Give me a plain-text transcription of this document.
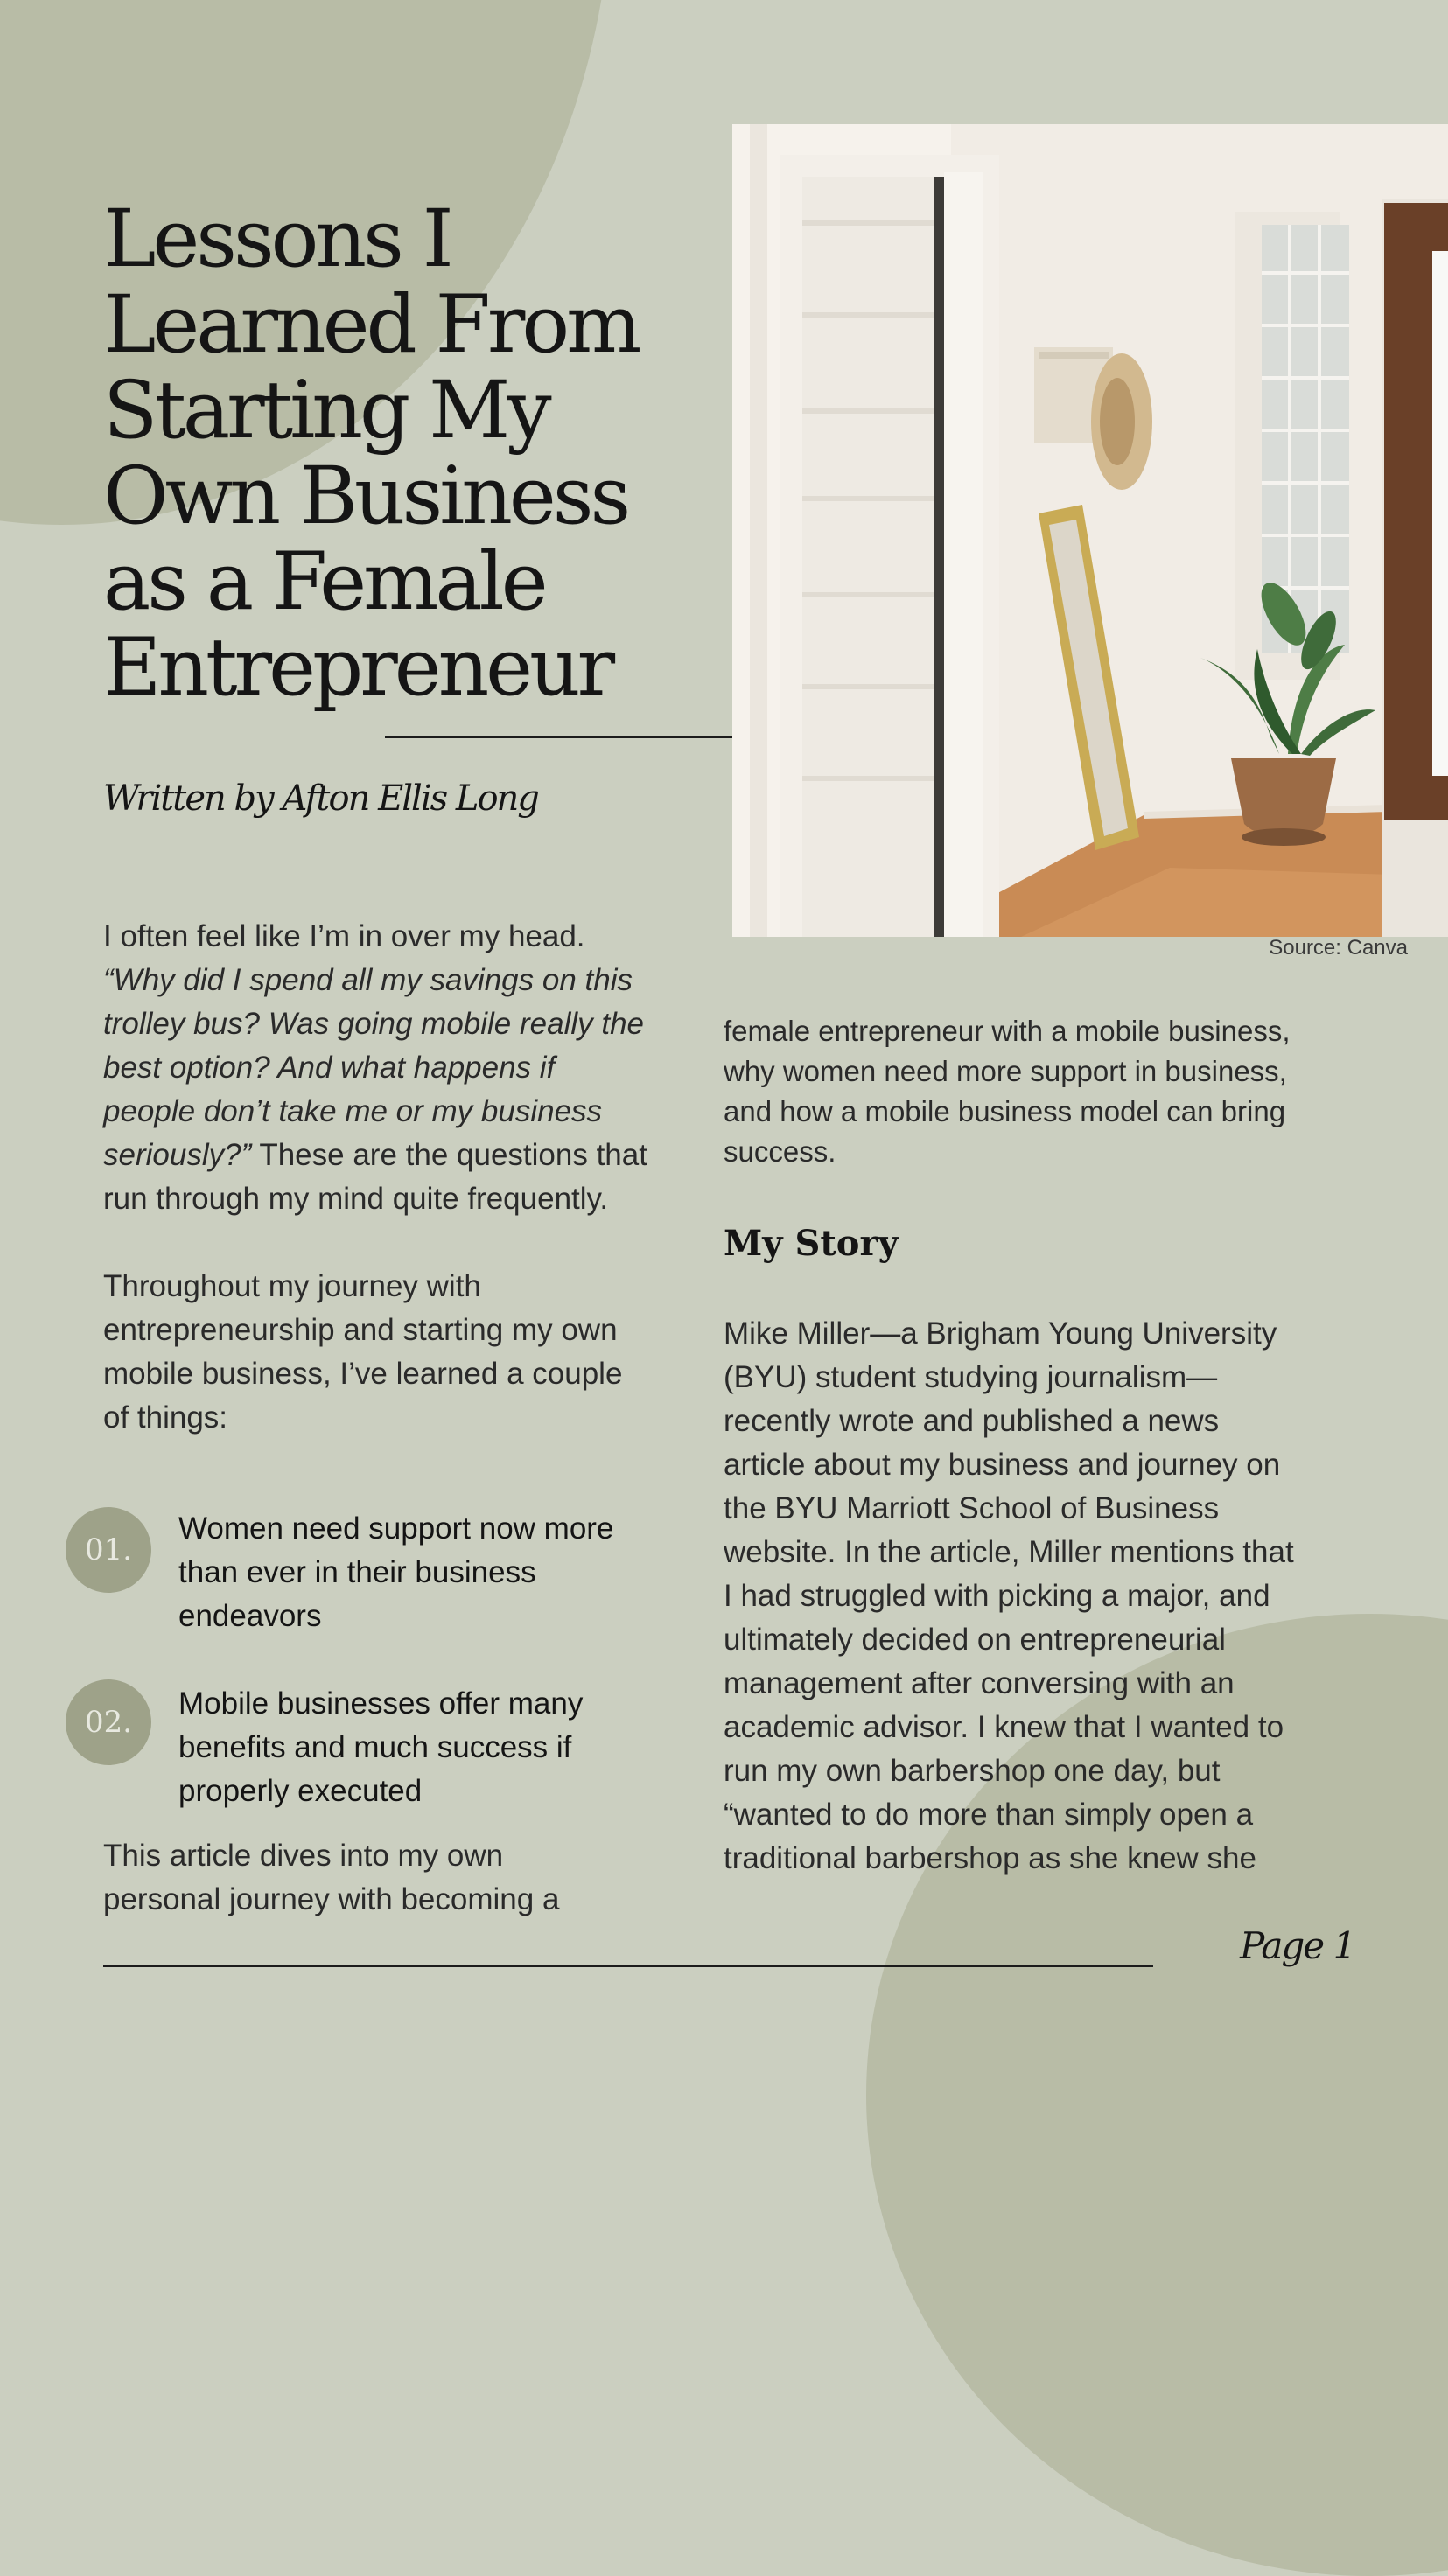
Lessons I
Learned From
Starting My
Own Business
as a Female
Entrepreneur
Written by Afton Ellis Long
Source: Canva

I often feel like I’m in over my head.
“Why did I spend all my savings on this trolley bus? Was going mobile really the best option? And what happens if people don’t take me or my business seriously?” These are the questions that run through my mind quite frequently.

Throughout my journey with entrepreneurship and starting my own mobile business, I’ve learned a couple of things:

01.
Women need support now more than ever in their business endeavors
02.
Mobile businesses offer many benefits and much success if properly executed

This article dives into my own personal journey with becoming a

female entrepreneur with a mobile business, why women need more support in business, and how a mobile business model can bring success.

My Story

Mike Miller—a Brigham Young University (BYU) student studying journalism—recently wrote and published a news article about my business and journey on the BYU Marriott School of Business website. In the article, Miller mentions that I had struggled with picking a major, and ultimately decided on entrepreneurial management after conversing with an academic advisor. I knew that I wanted to run my own barbershop one day, but “wanted to do more than simply open a traditional barbershop as she knew she

Page 1
